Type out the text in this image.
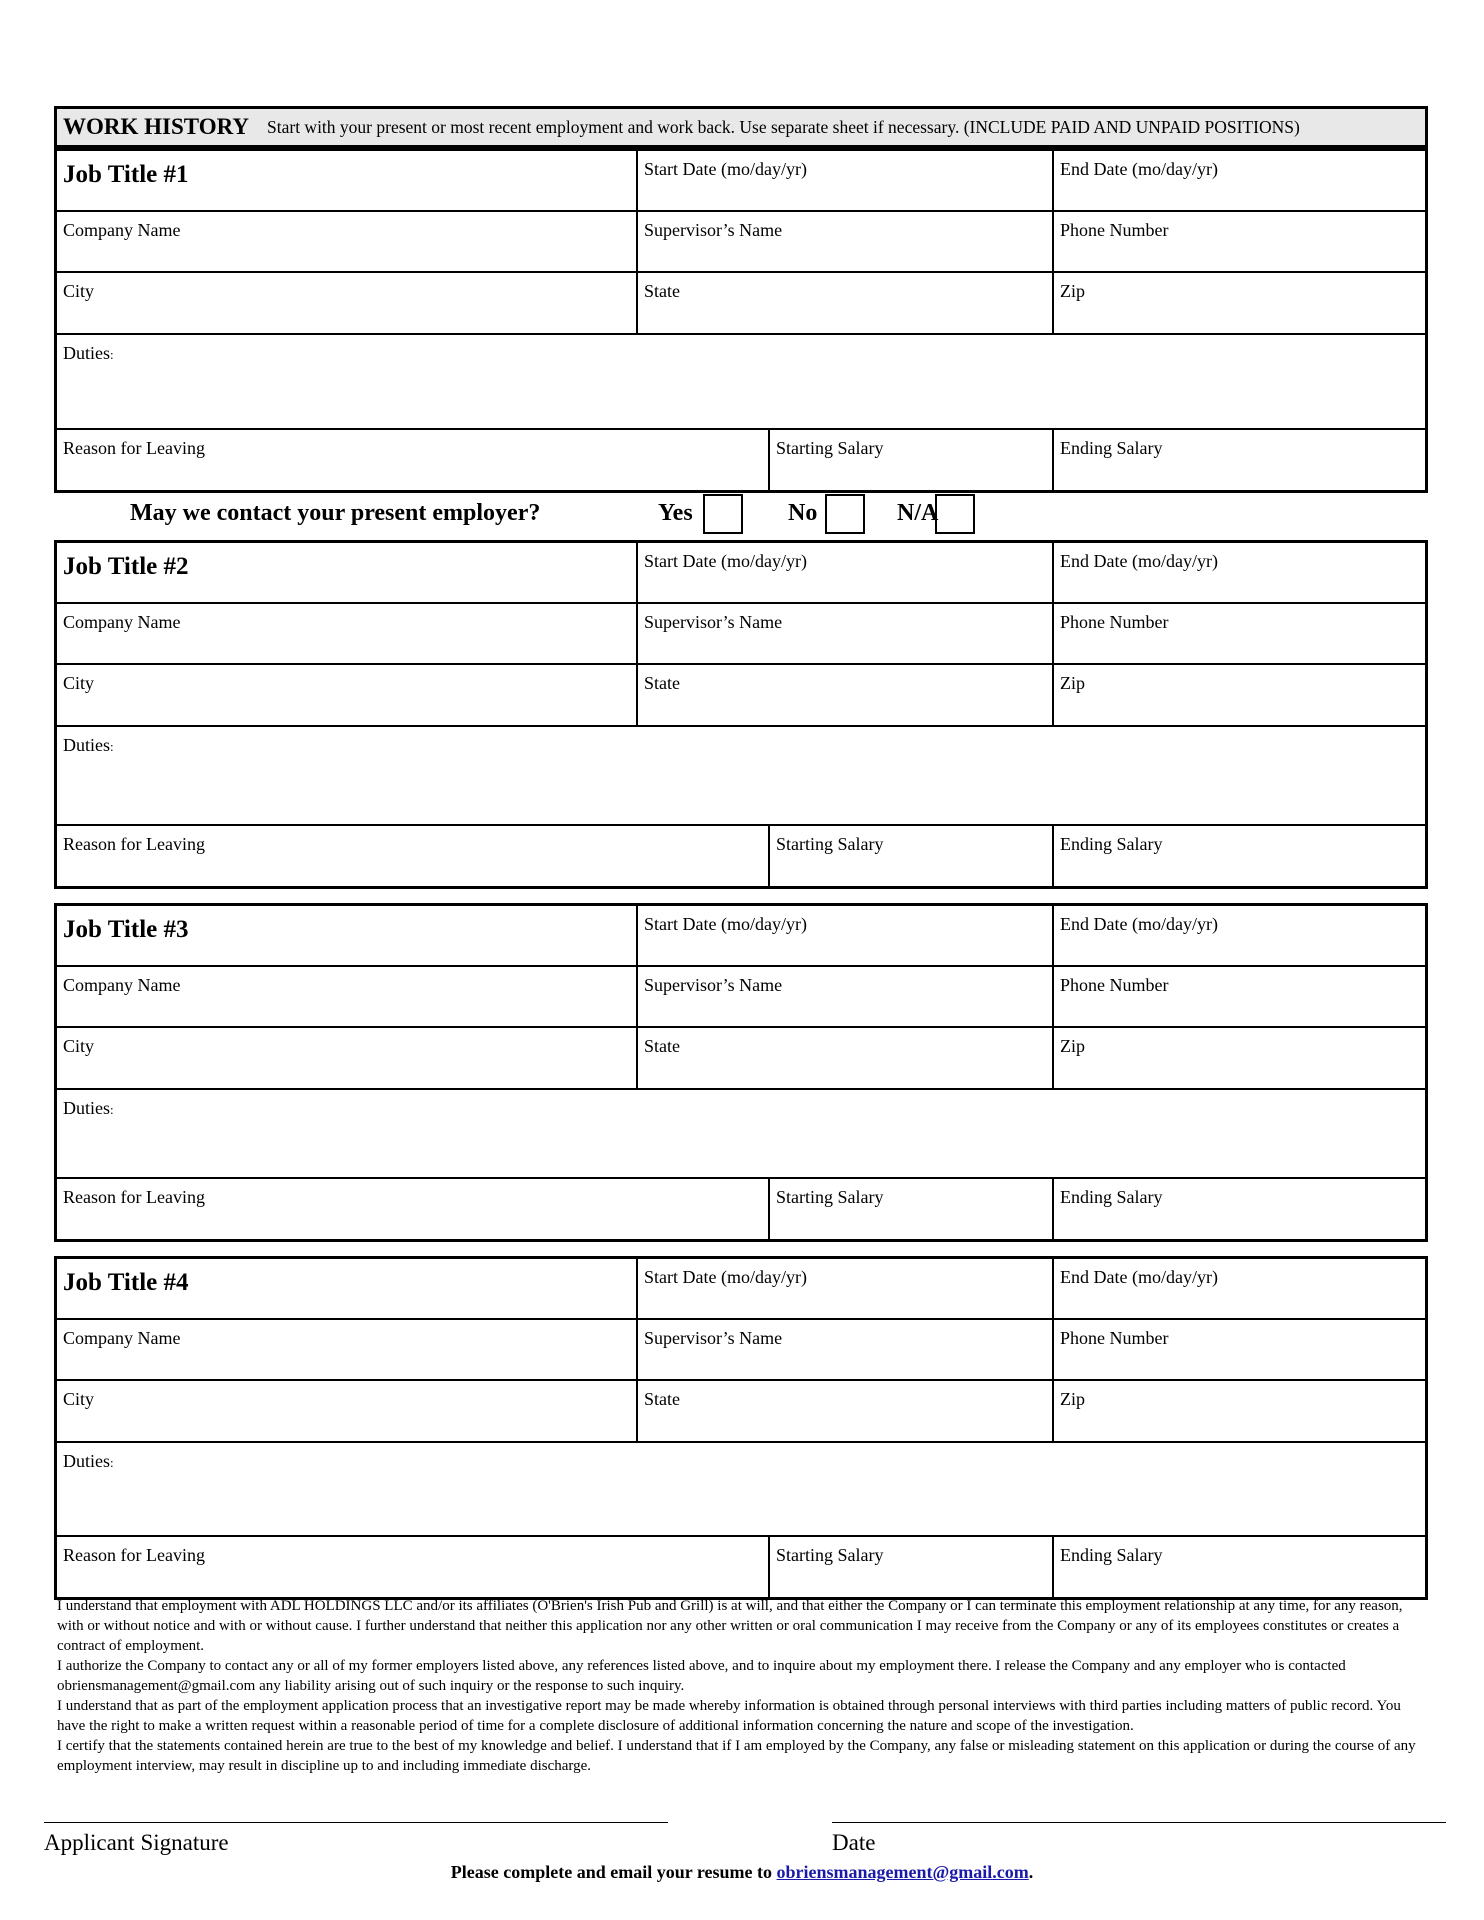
WORK HISTORY Start with your present or most recent employment and work back. Use separate sheet if necessary. (INCLUDE PAID AND UNPAID POSITIONS)
Job Title #1	Start Date (mo/day/yr)	End Date (mo/day/yr)
Company Name	Supervisor’s Name	Phone Number
City	State	Zip
Duties:
Reason for Leaving	Starting Salary	Ending Salary
May we contact your present employer?	Yes	No	N/A
Job Title #2	Start Date (mo/day/yr)	End Date (mo/day/yr)
Company Name	Supervisor’s Name	Phone Number
City	State	Zip
Duties:
Reason for Leaving	Starting Salary	Ending Salary
Job Title #3	Start Date (mo/day/yr)	End Date (mo/day/yr)
Company Name	Supervisor’s Name	Phone Number
City	State	Zip
Duties:
Reason for Leaving	Starting Salary	Ending Salary
Job Title #4	Start Date (mo/day/yr)	End Date (mo/day/yr)
Company Name	Supervisor’s Name	Phone Number
City	State	Zip
Duties:
Reason for Leaving	Starting Salary	Ending Salary

I understand that employment with ADL HOLDINGS LLC and/or its affiliates (O'Brien's Irish Pub and Grill) is at will, and that either the Company or I can terminate this employment relationship at any time, for any reason, with or without notice and with or without cause. I further understand that neither this application nor any other written or oral communication I may receive from the Company or any of its employees constitutes or creates a contract of employment.

I authorize the Company to contact any or all of my former employers listed above, any references listed above, and to inquire about my employment there. I release the Company and any employer who is contacted obriensmanagement@gmail.com any liability arising out of such inquiry or the response to such inquiry.

I understand that as part of the employment application process that an investigative report may be made whereby information is obtained through personal interviews with third parties including matters of public record. You have the right to make a written request within a reasonable period of time for a complete disclosure of additional information concerning the nature and scope of the investigation.

I certify that the statements contained herein are true to the best of my knowledge and belief. I understand that if I am employed by the Company, any false or misleading statement on this application or during the course of any employment interview, may result in discipline up to and including immediate discharge.

Applicant Signature	Date
Please complete and email your resume to obriensmanagement@gmail.com.
